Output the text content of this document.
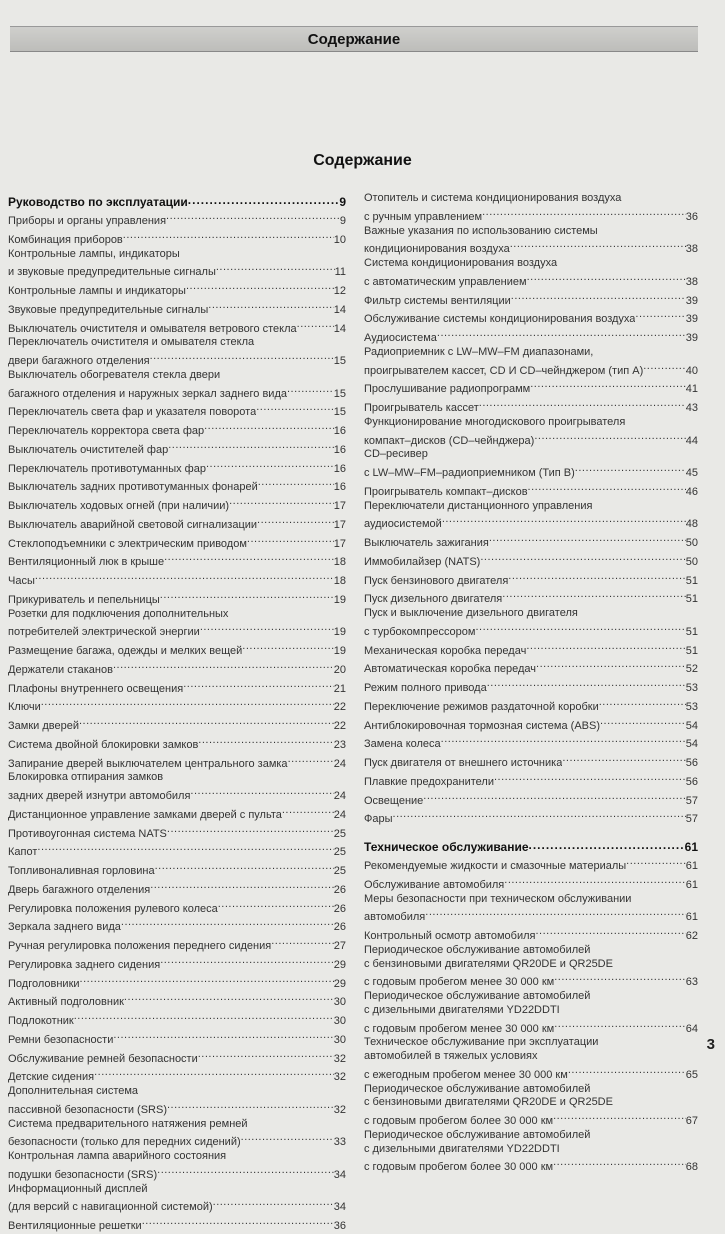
Содержание
Содержание
Руководство по эксплуатации .....	9
Приборы и органы управления .....	9
Комбинация приборов .....	10
Контрольные лампы, индикаторы
и звуковые предупредительные сигналы .....	11
Контрольные лампы и индикаторы .....	12
Звуковые предупредительные сигналы .....	14
Выключатель очистителя и омывателя ветрового стекла .....	14
Переключатель очистителя и омывателя стекла
двери багажного отделения .....	15
Выключатель обогревателя стекла двери
багажного отделения и наружных зеркал заднего вида .....	15
Переключатель света фар и указателя поворота .....	15
Переключатель корректора света фар .....	16
Выключатель очистителей фар .....	16
Переключатель противотуманных фар .....	16
Выключатель задних противотуманных фонарей .....	16
Выключатель ходовых огней (при наличии) .....	17
Выключатель аварийной световой сигнализации .....	17
Стеклоподъемники с электрическим приводом .....	17
Вентиляционный люк в крыше .....	18
Часы .....	18
Прикуриватель и пепельницы .....	19
Розетки для подключения дополнительных
потребителей электрической энергии .....	19
Размещение багажа, одежды и мелких вещей .....	19
Держатели стаканов .....	20
Плафоны внутреннего освещения .....	21
Ключи .....	22
Замки дверей .....	22
Система двойной блокировки замков .....	23
Запирание дверей выключателем центрального замка .....	24
Блокировка отпирания замков
задних дверей изнутри автомобиля .....	24
Дистанционное управление замками дверей с пульта .....	24
Противоугонная система NATS .....	25
Капот .....	25
Топливоналивная горловина .....	25
Дверь багажного отделения .....	26
Регулировка положения рулевого колеса .....	26
Зеркала заднего вида .....	26
Ручная регулировка положения переднего сидения .....	27
Регулировка заднего сидения .....	29
Подголовники .....	29
Активный подголовник .....	30
Подлокотник .....	30
Ремни безопасности .....	30
Обслуживание ремней безопасности .....	32
Детские сидения .....	32
Дополнительная система
пассивной безопасности (SRS) .....	32
Система предварительного натяжения ремней
безопасности (только для передних сидений) .....	33
Контрольная лампа аварийного состояния
подушки безопасности (SRS) .....	34
Информационный дисплей
(для версий с навигационной системой) .....	34
Вентиляционные решетки .....	36
Отопитель и система кондиционирования воздуха
с ручным управлением .....	36
Важные указания по использованию системы
кондиционирования воздуха .....	38
Система кондиционирования воздуха
с автоматическим управлением .....	38
Фильтр системы вентиляции .....	39
Обслуживание системы кондиционирования воздуха .....	39
Аудиосистема .....	39
Радиоприемник с LW–MW–FM диапазонами,
проигрывателем кассет, CD И CD–чейнджером (тип А) .....	40
Прослушивание радиопрограмм .....	41
Проигрыватель кассет .....	43
Функционирование многодискового проигрывателя
компакт–дисков (CD–чейнджера) .....	44
CD–ресивер
с LW–MW–FM–радиоприемником (Тип В) .....	45
Проигрыватель компакт–дисков .....	46
Переключатели дистанционного управления
аудиосистемой .....	48
Выключатель зажигания .....	50
Иммобилайзер (NATS) .....	50
Пуск бензинового двигателя .....	51
Пуск дизельного двигателя .....	51
Пуск и выключение дизельного двигателя
с турбокомпрессором .....	51
Механическая коробка передач .....	51
Автоматическая коробка передач .....	52
Режим полного привода .....	53
Переключение режимов раздаточной коробки .....	53
Антиблокировочная тормозная система (ABS) .....	54
Замена колеса .....	54
Пуск двигателя от внешнего источника .....	56
Плавкие предохранители .....	56
Освещение .....	57
Фары .....	57
Техническое обслуживание .....	61
Рекомендуемые жидкости и смазочные материалы .....	61
Обслуживание автомобиля .....	61
Меры безопасности при техническом обслуживании
автомобиля .....	61
Контрольный осмотр автомобиля .....	62
Периодическое обслуживание автомобилей
с бензиновыми двигателями QR20DE и QR25DE
с годовым пробегом менее 30 000 км .....	63
Периодическое обслуживание автомобилей
с дизельными двигателями YD22DDTI
с годовым пробегом менее 30 000 км .....	64
Техническое обслуживание при эксплуатации
автомобилей в тяжелых условиях
с ежегодным пробегом менее 30 000 км .....	65
Периодическое обслуживание автомобилей
с бензиновыми двигателями QR20DE и QR25DE
с годовым пробегом более 30 000 км .....	67
Периодическое обслуживание автомобилей
с дизельными двигателями YD22DDTI
с годовым пробегом более 30 000 км .....	68
3
